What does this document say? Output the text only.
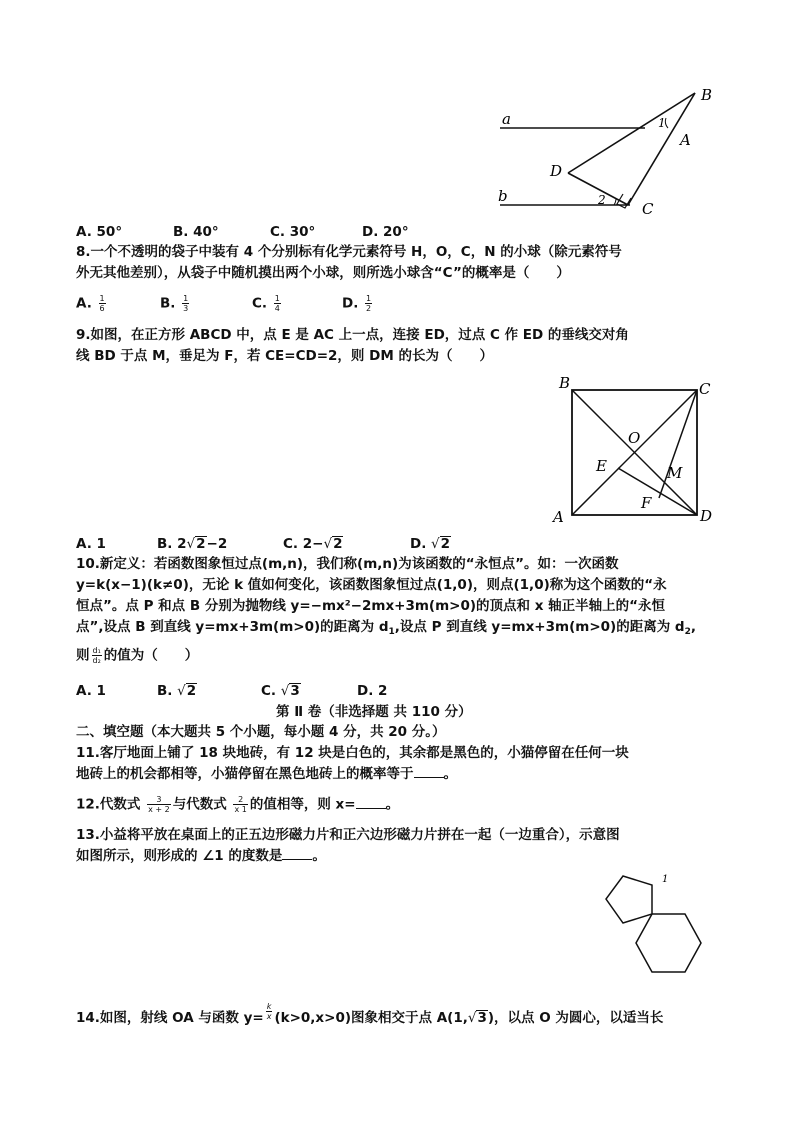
a
b
B
A
D
C
1
2
A. 50°	B. 40°	C. 30°	D. 20°
8.一个不透明的袋子中装有 4 个分别标有化学元素符号 H，O，C，N 的小球（除元素符号
外无其他差别），从袋子中随机摸出两个小球，则所选小球含“C”的概率是（　　）
A. $\frac{1}{6}$	B. $\frac{1}{3}$	C. $\frac{1}{4}$	D. $\frac{1}{2}$
9.如图，在正方形 ABCD 中，点 E 是 AC 上一点，连接 ED，过点 C 作 ED 的垂线交对角
线 BD 于点 M，垂足为 F，若 CE=CD=2，则 DM 的长为（　　）
B	C
A	D
O
E	M
F
A. 1	B. 2√2−2	C. 2−√2	D. √2
10.新定义：若函数图象恒过点(m,n)，我们称(m,n)为该函数的“永恒点”。如：一次函数
y=k(x−1)(k≠0)，无论 k 值如何变化，该函数图象恒过点(1,0)，则点(1,0)称为这个函数的“永
恒点”。点 P 和点 B 分别为抛物线 y=−mx²−2mx+3m(m>0)的顶点和 x 轴正半轴上的“永恒
点”,设点 B 到直线 y=mx+3m(m>0)的距离为 $d_1$,设点 P 到直线 y=mx+3m(m>0)的距离为 $d_2$,
则 $\frac{\text{d₁}}{\text{d₂}}$ 的值为（　　）
A. 1	B. √2	C. √3	D. 2
第 Ⅱ 卷（非选择题 共 110 分）
二、填空题（本大题共 5 个小题，每小题 4 分，共 20 分。）
11.客厅地面上铺了 18 块地砖，有 12 块是白色的，其余都是黑色的，小猫停留在任何一块
地砖上的机会都相等，小猫停留在黑色地砖上的概率等于 。
12.代数式 $\frac{3}{x + 2}$ 与代数式 $\frac{2}{x 1}$ 的值相等，则 x= 。
13.小益将平放在桌面上的正五边形磁力片和正六边形磁力片拼在一起（一边重合），示意图
如图所示，则形成的 ∠1 的度数是 。
1
14.如图，射线 OA 与函数 $y= \frac{k}{x} (k>0,x>0)$图象相交于点 A(1,√3)，以点 O 为圆心，以适当长
